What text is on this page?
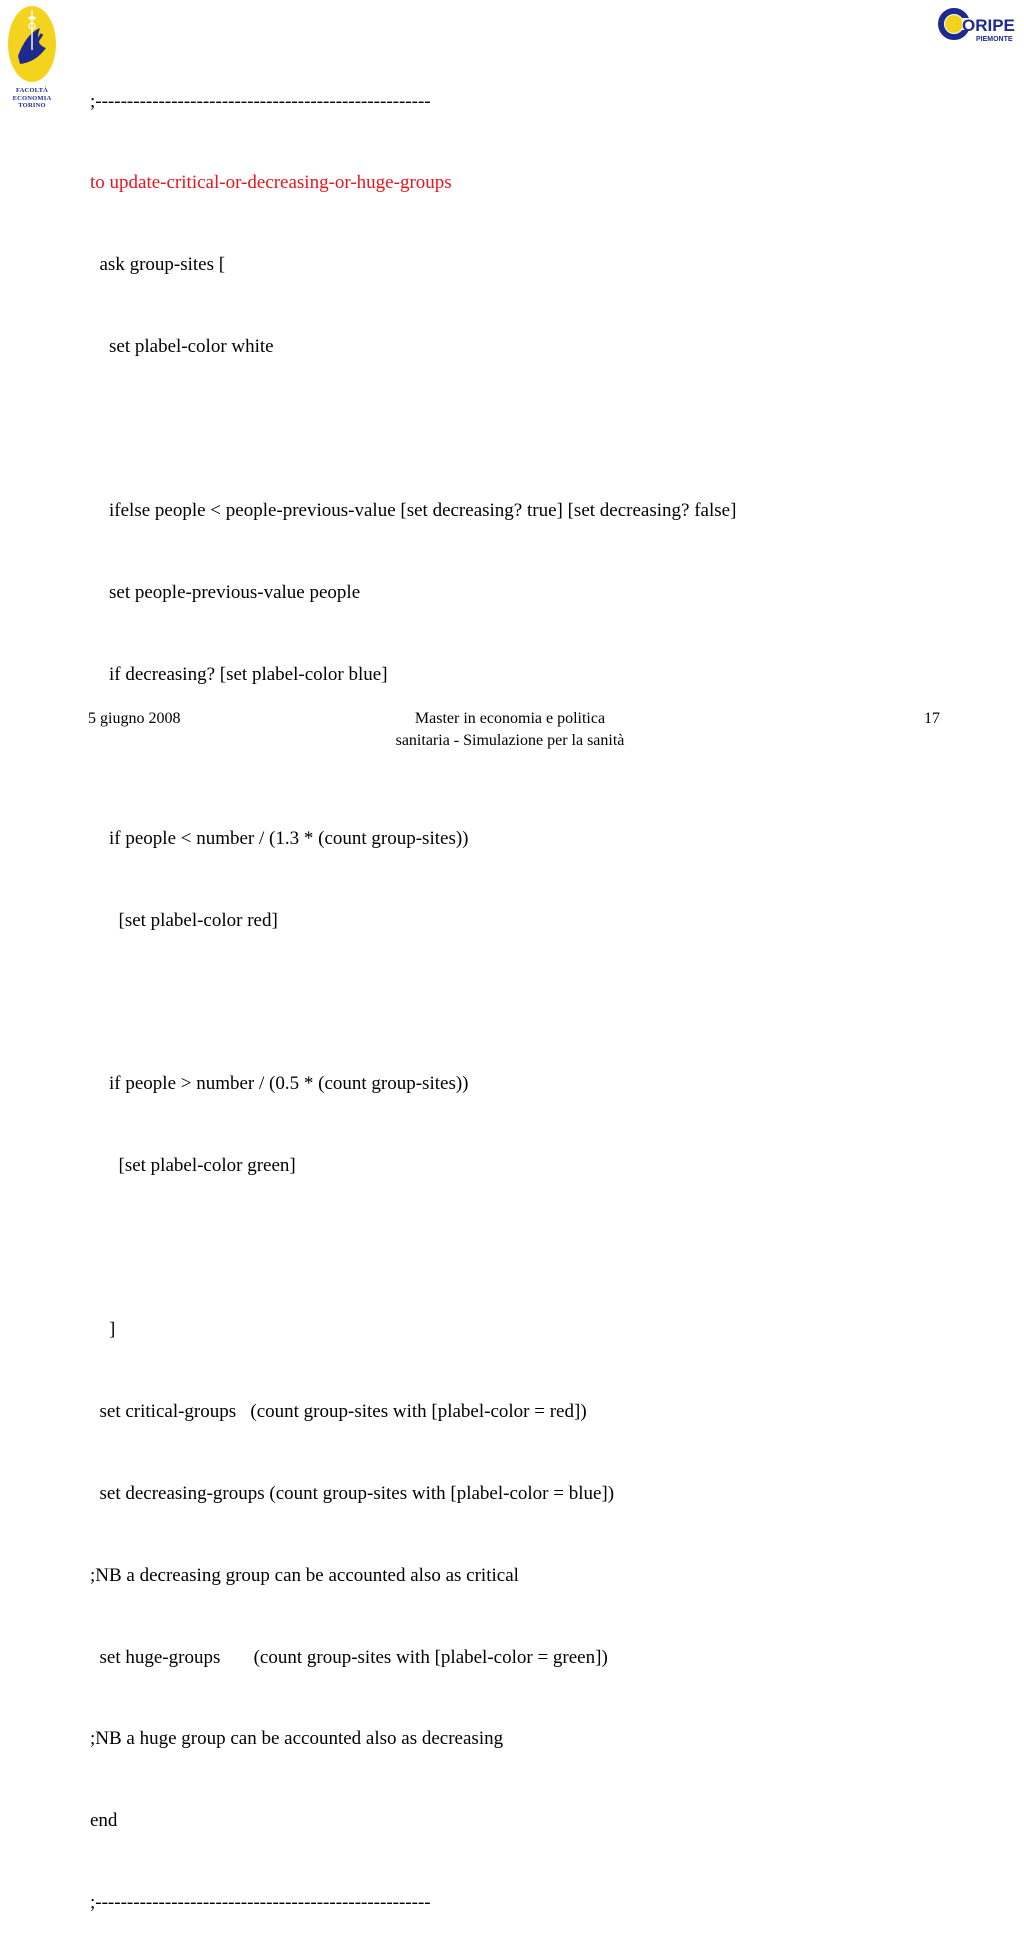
FACOLTÀ
ECONOMIA
TORINO
ORIPE
PIEMONTE

;-----------------------------------------------------

to update-critical-or-decreasing-or-huge-groups

ask group-sites [

set plabel-color white

ifelse people < people-previous-value [set decreasing? true] [set decreasing? false]

set people-previous-value people

if decreasing? [set plabel-color blue]

if people < number / (1.3 * (count group-sites))

[set plabel-color red]

if people > number / (0.5 * (count group-sites))

[set plabel-color green]

]

set critical-groups   (count group-sites with [plabel-color = red])

set decreasing-groups (count group-sites with [plabel-color = blue])

;NB a decreasing group can be accounted also as critical

set huge-groups       (count group-sites with [plabel-color = green])

;NB a huge group can be accounted also as decreasing

end

;-----------------------------------------------------

5 giugno 2008	Master in economia e politica
sanitaria - Simulazione per la sanità
17
